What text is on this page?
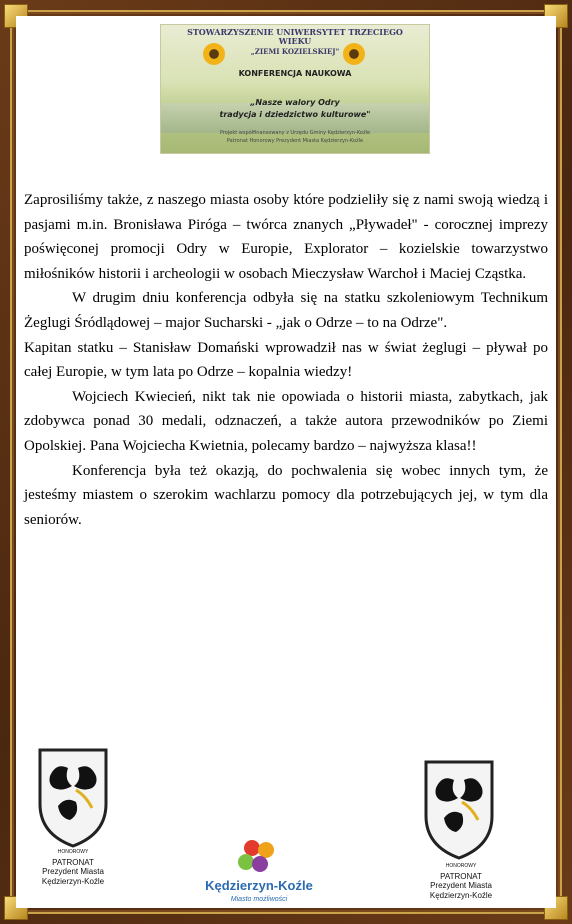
STOWARZYSZENIE UNIWERSYTET TRZECIEGO
WIEKU
„ZIEMI KOZIELSKIEJ"
KONFERENCJA NAUKOWA
„Nasze walory Odry
tradycja i dziedzictwo kulturowe"
Projekt współfinansowany z Urzędu Gminy Kędzierzyn-Koźle
Patronat Honorowy Prezydent Miasta Kędzierzyn-Koźle

Zaprosiliśmy także, z naszego miasta osoby które podzieliły się z nami swoją wiedzą i pasjami m.in. Bronisława Piróga – twórca znanych „Pływadeł" - corocznej imprezy poświęconej promocji Odry w Europie, Explorator – kozielskie towarzystwo miłośników historii i archeologii w osobach Mieczysław Warchoł i Maciej Cząstka.

W drugim dniu konferencja odbyła się na statku szkoleniowym Technikum Żeglugi Śródlądowej – major Sucharski - „jak o Odrze – to na Odrze".

Kapitan statku – Stanisław Domański wprowadził nas w świat żeglugi – pływał po całej Europie, w tym lata po Odrze – kopalnia wiedzy!

Wojciech Kwiecień, nikt tak nie opowiada o historii miasta, zabytkach, jak zdobywca ponad 30 medali, odznaczeń, a także autora przewodników po Ziemi Opolskiej. Pana Wojciecha Kwietnia, polecamy bardzo – najwyższa klasa!!

Konferencja była też okazją, do pochwalenia się wobec innych tym, że jesteśmy miastem o szerokim wachlarzu pomocy dla potrzebujących jej, w tym dla seniorów.

HONOROWY
PATRONAT
Prezydent Miasta
Kędzierzyn-Koźle	Kędzierzyn-Koźle
Miasto możliwości
HONOROWY
PATRONAT
Prezydent Miasta
Kędzierzyn-Koźle
